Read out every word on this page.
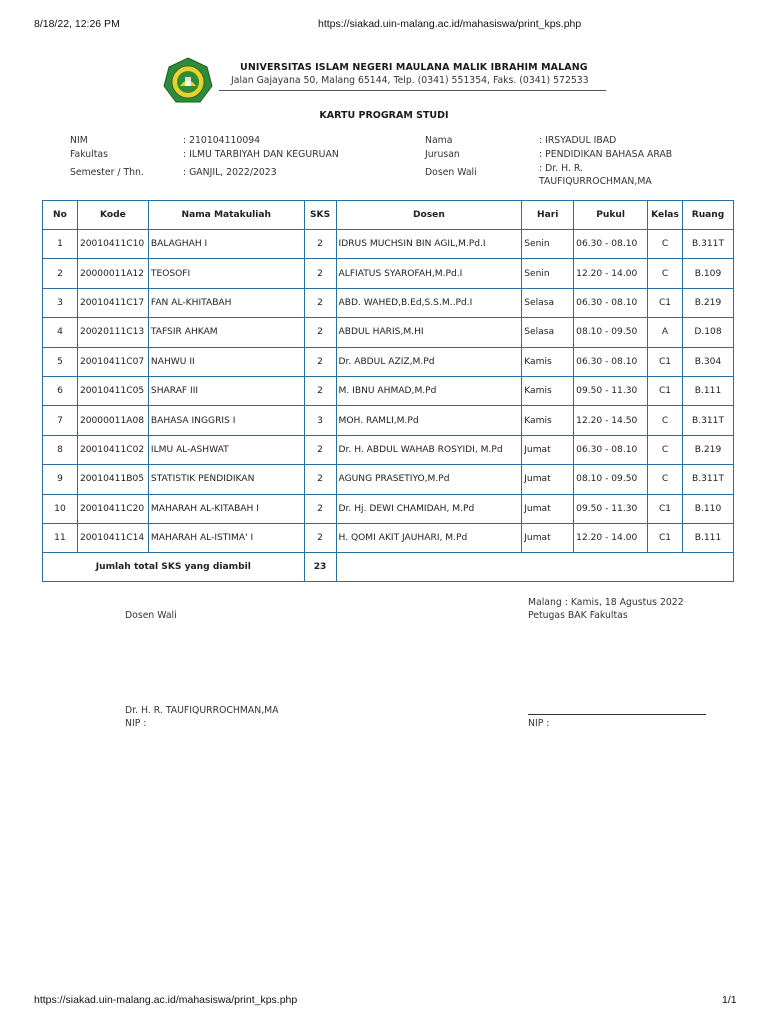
8/18/22, 12:26 PM	https://siakad.uin-malang.ac.id/mahasiswa/print_kps.php
UNIVERSITAS ISLAM NEGERI MAULANA MALIK IBRAHIM MALANG
Jalan Gajayana 50, Malang 65144, Telp. (0341) 551354, Faks. (0341) 572533
KARTU PROGRAM STUDI
NIM	: 210104110094
Fakultas	: ILMU TARBIYAH DAN KEGURUAN
Semester / Thn.	: GANJIL, 2022/2023
Nama	: IRSYADUL IBAD
Jurusan	: PENDIDIKAN BAHASA ARAB
Dosen Wali	: Dr. H. R.
TAUFIQURROCHMAN,MA
No	Kode	Nama Matakuliah	SKS	Dosen	Hari	Pukul	Kelas	Ruang
1	20010411C10	BALAGHAH I	2	IDRUS MUCHSIN BIN AGIL,M.Pd.I	Senin	06.30 - 08.10	C	B.311T
2	20000011A12	TEOSOFI	2	ALFIATUS SYAROFAH,M.Pd.I	Senin	12.20 - 14.00	C	B.109
3	20010411C17	FAN AL-KHITABAH	2	ABD. WAHED,B.Ed,S.S.M..Pd.I	Selasa	06.30 - 08.10	C1	B.219
4	20020111C13	TAFSIR AHKAM	2	ABDUL HARIS,M.HI	Selasa	08.10 - 09.50	A	D.108
5	20010411C07	NAHWU II	2	Dr. ABDUL AZIZ,M.Pd	Kamis	06.30 - 08.10	C1	B.304
6	20010411C05	SHARAF III	2	M. IBNU AHMAD,M.Pd	Kamis	09.50 - 11.30	C1	B.111
7	20000011A08	BAHASA INGGRIS I	3	MOH. RAMLI,M.Pd	Kamis	12.20 - 14.50	C	B.311T
8	20010411C02	ILMU AL-ASHWAT	2	Dr. H. ABDUL WAHAB ROSYIDI, M.Pd	Jumat	06.30 - 08.10	C	B.219
9	20010411B05	STATISTIK PENDIDIKAN	2	AGUNG PRASETIYO,M.Pd	Jumat	08.10 - 09.50	C	B.311T
10	20010411C20	MAHARAH AL-KITABAH I	2	Dr. Hj. DEWI CHAMIDAH, M.Pd	Jumat	09.50 - 11.30	C1	B.110
11	20010411C14	MAHARAH AL-ISTIMA' I	2	H. QOMI AKIT JAUHARI, M.Pd	Jumat	12.20 - 14.00	C1	B.111
Jumlah total SKS yang diambil			23					
Dosen Wali
Malang : Kamis, 18 Agustus 2022
Petugas BAK Fakultas
Dr. H. R. TAUFIQURROCHMAN,MA
NIP :	NIP :
https://siakad.uin-malang.ac.id/mahasiswa/print_kps.php	1/1
